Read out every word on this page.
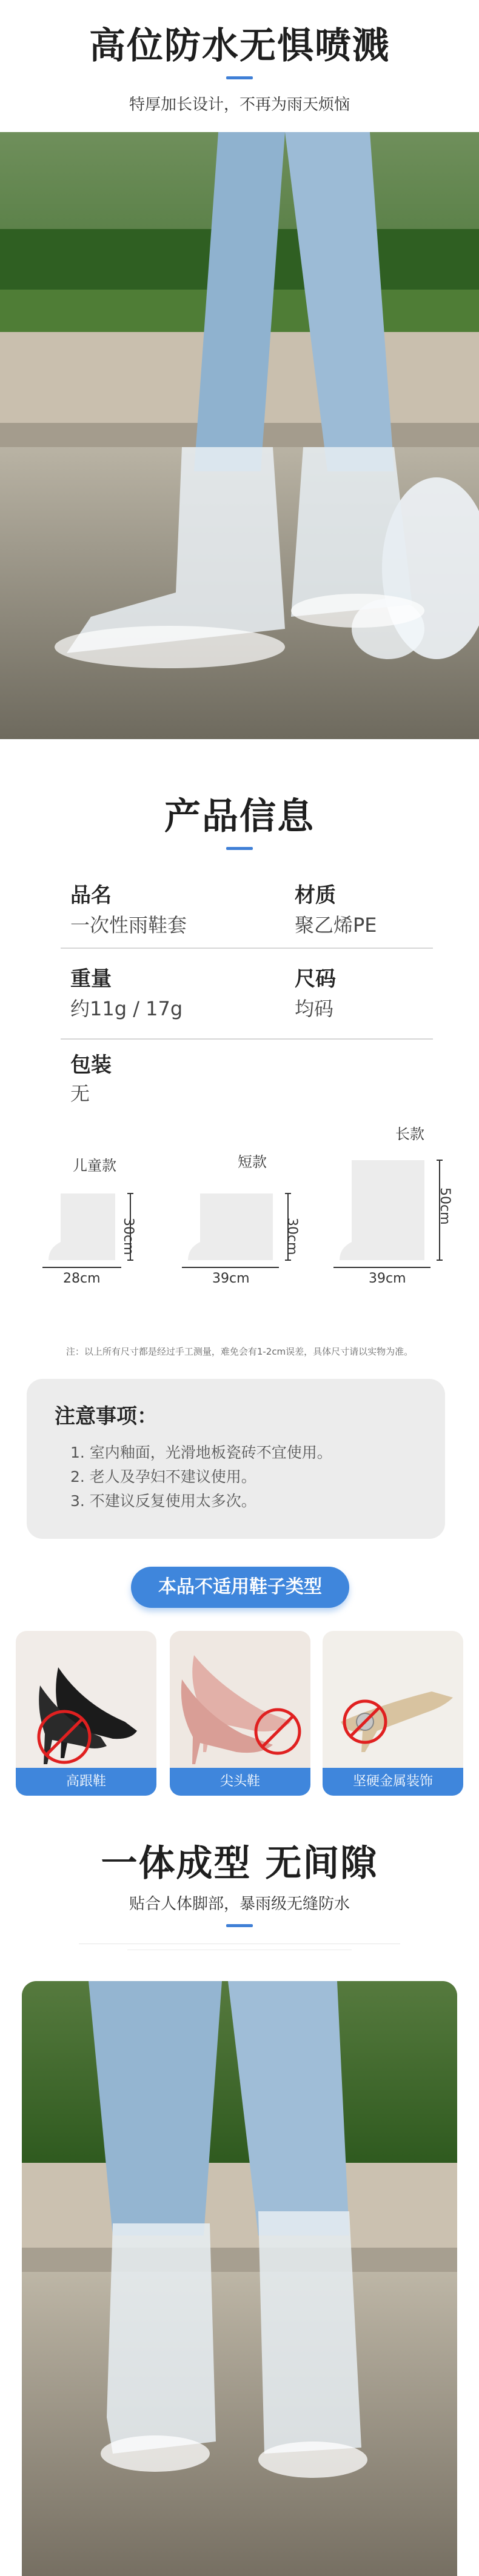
高位防水无惧喷溅
特厚加长设计，不再为雨天烦恼
产品信息
品名
一次性雨鞋套
材质
聚乙烯PE
重量
约11g / 17g
尺码
均码
包装
无
儿童款	短款
长款
28cm
30cm
39cm
30cm
39cm
50cm
注：以上所有尺寸都是经过手工测量，难免会有1-2cm误差，具体尺寸请以实物为准。
注意事项：
1. 室内釉面，光滑地板瓷砖不宜使用。
2. 老人及孕妇不建议使用。
3. 不建议反复使用太多次。
本品不适用鞋子类型
高跟鞋	尖头鞋	坚硬金属装饰
一体成型 无间隙
贴合人体脚部，暴雨级无缝防水
